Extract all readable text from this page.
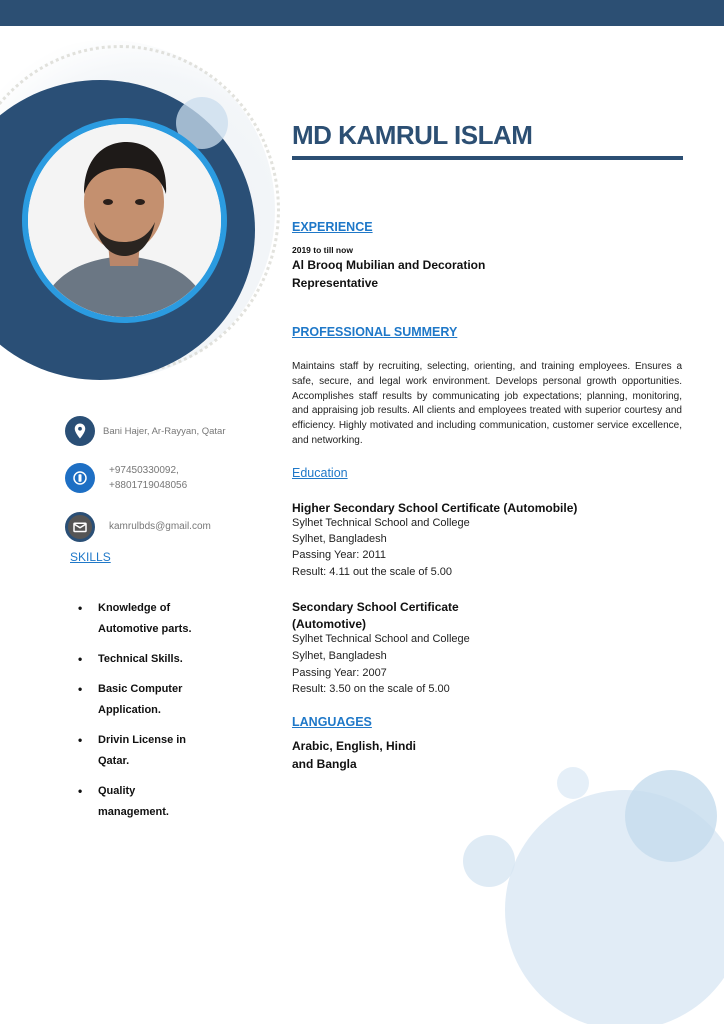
MD KAMRUL ISLAM
Bani Hajer, Ar-Rayyan, Qatar
+97450330092,
+8801719048056
kamrulbds@gmail.com
SKILLS
• Knowledge of
Automotive parts.
• Technical Skills.
• Basic Computer
Application.
• Drivin License in
Qatar.
• Quality
management.
EXPERIENCE
2019 to till now
Al Brooq Mubilian and Decoration
Representative
PROFESSIONAL SUMMERY
Maintains staff by recruiting, selecting, orienting, and training employees. Ensures a safe, secure, and legal work environment. Develops personal growth opportunities. Accomplishes staff results by communicating job expectations; planning, monitoring, and appraising job results. All clients and employees treated with superior courtesy and efficiency. Highly motivated and including communication, customer service excellence, and networking.
Education
Higher Secondary School Certificate (Automobile)
Sylhet Technical School and College
Sylhet, Bangladesh
Passing Year: 2011
Result: 4.11 out the scale of 5.00
Secondary School Certificate
(Automotive)
Sylhet Technical School and College
Sylhet, Bangladesh
Passing Year: 2007
Result: 3.50 on the scale of 5.00
LANGUAGES
Arabic, English, Hindi
and Bangla
